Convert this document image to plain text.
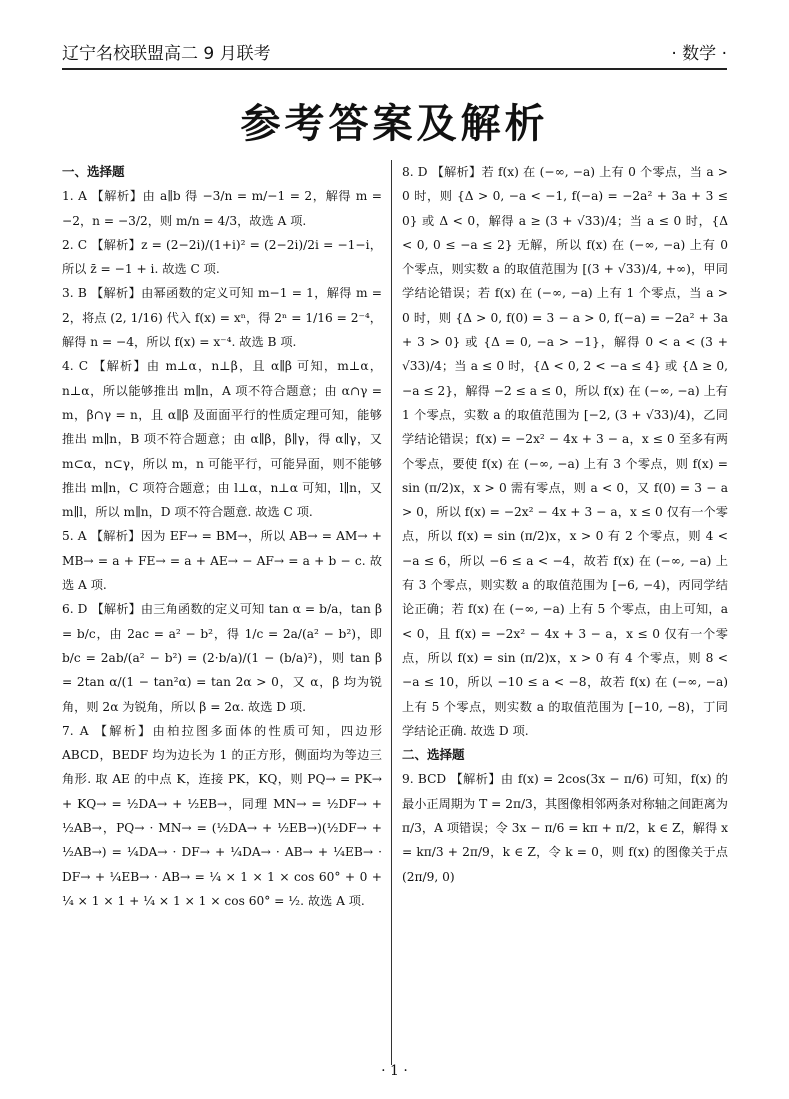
辽宁名校联盟高二 9 月联考	· 数学 ·
参考答案及解析

一、选择题

1. A 【解析】由 a∥b 得 −3/n = m/−1 = 2，解得 m = −2，n = −3/2，则 m/n = 4/3，故选 A 项.

2. C 【解析】z = (2−2i)/(1+i)² = (2−2i)/2i = −1−i，所以 z̄ = −1 + i. 故选 C 项.

3. B 【解析】由幂函数的定义可知 m−1 = 1，解得 m = 2，将点 (2, 1/16) 代入 f(x) = xⁿ，得 2ⁿ = 1/16 = 2⁻⁴，解得 n = −4，所以 f(x) = x⁻⁴. 故选 B 项.

4. C 【解析】由 m⊥α，n⊥β，且 α∥β 可知，m⊥α，n⊥α，所以能够推出 m∥n，A 项不符合题意；由 α∩γ = m，β∩γ = n，且 α∥β 及面面平行的性质定理可知，能够推出 m∥n，B 项不符合题意；由 α∥β，β∥γ，得 α∥γ，又 m⊂α，n⊂γ，所以 m，n 可能平行，可能异面，则不能够推出 m∥n，C 项符合题意；由 l⊥α，n⊥α 可知，l∥n，又 m∥l，所以 m∥n，D 项不符合题意. 故选 C 项.

5. A 【解析】因为 EF→ = BM→，所以 AB→ = AM→ + MB→ = a + FE→ = a + AE→ − AF→ = a + b − c. 故选 A 项.

6. D 【解析】由三角函数的定义可知 tan α = b/a，tan β = b/c，由 2ac = a² − b²，得 1/c = 2a/(a² − b²)，即 b/c = 2ab/(a² − b²) = (2·b/a)/(1 − (b/a)²)，则 tan β = 2tan α/(1 − tan²α) = tan 2α > 0，又 α，β 均为锐角，则 2α 为锐角，所以 β = 2α. 故选 D 项.

7. A 【解析】由柏拉图多面体的性质可知，四边形 ABCD，BEDF 均为边长为 1 的正方形，侧面均为等边三角形. 取 AE 的中点 K，连接 PK，KQ，则 PQ→ = PK→ + KQ→ = ½DA→ + ½EB→，同理 MN→ = ½DF→ + ½AB→，PQ→ · MN→ = (½DA→ + ½EB→)(½DF→ + ½AB→) = ¼DA→ · DF→ + ¼DA→ · AB→ + ¼EB→ · DF→ + ¼EB→ · AB→ = ¼ × 1 × 1 × cos 60° + 0 + ¼ × 1 × 1 + ¼ × 1 × 1 × cos 60° = ½. 故选 A 项.

8. D 【解析】若 f(x) 在 (−∞, −a) 上有 0 个零点，当 a > 0 时，则 {Δ > 0, −a < −1, f(−a) = −2a² + 3a + 3 ≤ 0} 或 Δ < 0，解得 a ≥ (3 + √33)/4；当 a ≤ 0 时，{Δ < 0, 0 ≤ −a ≤ 2} 无解，所以 f(x) 在 (−∞, −a) 上有 0 个零点，则实数 a 的取值范围为 [(3 + √33)/4, +∞)，甲同学结论错误；若 f(x) 在 (−∞, −a) 上有 1 个零点，当 a > 0 时，则 {Δ > 0, f(0) = 3 − a > 0, f(−a) = −2a² + 3a + 3 > 0} 或 {Δ = 0, −a > −1}，解得 0 < a < (3 + √33)/4；当 a ≤ 0 时，{Δ < 0, 2 < −a ≤ 4} 或 {Δ ≥ 0, −a ≤ 2}，解得 −2 ≤ a ≤ 0，所以 f(x) 在 (−∞, −a) 上有 1 个零点，实数 a 的取值范围为 [−2, (3 + √33)/4)，乙同学结论错误；f(x) = −2x² − 4x + 3 − a，x ≤ 0 至多有两个零点，要使 f(x) 在 (−∞, −a) 上有 3 个零点，则 f(x) = sin (π/2)x，x > 0 需有零点，则 a < 0，又 f(0) = 3 − a > 0，所以 f(x) = −2x² − 4x + 3 − a，x ≤ 0 仅有一个零点，所以 f(x) = sin (π/2)x，x > 0 有 2 个零点，则 4 < −a ≤ 6，所以 −6 ≤ a < −4，故若 f(x) 在 (−∞, −a) 上有 3 个零点，则实数 a 的取值范围为 [−6, −4)，丙同学结论正确；若 f(x) 在 (−∞, −a) 上有 5 个零点，由上可知，a < 0，且 f(x) = −2x² − 4x + 3 − a，x ≤ 0 仅有一个零点，所以 f(x) = sin (π/2)x，x > 0 有 4 个零点，则 8 < −a ≤ 10，所以 −10 ≤ a < −8，故若 f(x) 在 (−∞, −a) 上有 5 个零点，则实数 a 的取值范围为 [−10, −8)，丁同学结论正确. 故选 D 项.

二、选择题

9. BCD 【解析】由 f(x) = 2cos(3x − π/6) 可知，f(x) 的最小正周期为 T = 2π/3，其图像相邻两条对称轴之间距离为 π/3，A 项错误；令 3x − π/6 = kπ + π/2，k ∈ Z，解得 x = kπ/3 + 2π/9，k ∈ Z，令 k = 0，则 f(x) 的图像关于点 (2π/9, 0)

· 1 ·
